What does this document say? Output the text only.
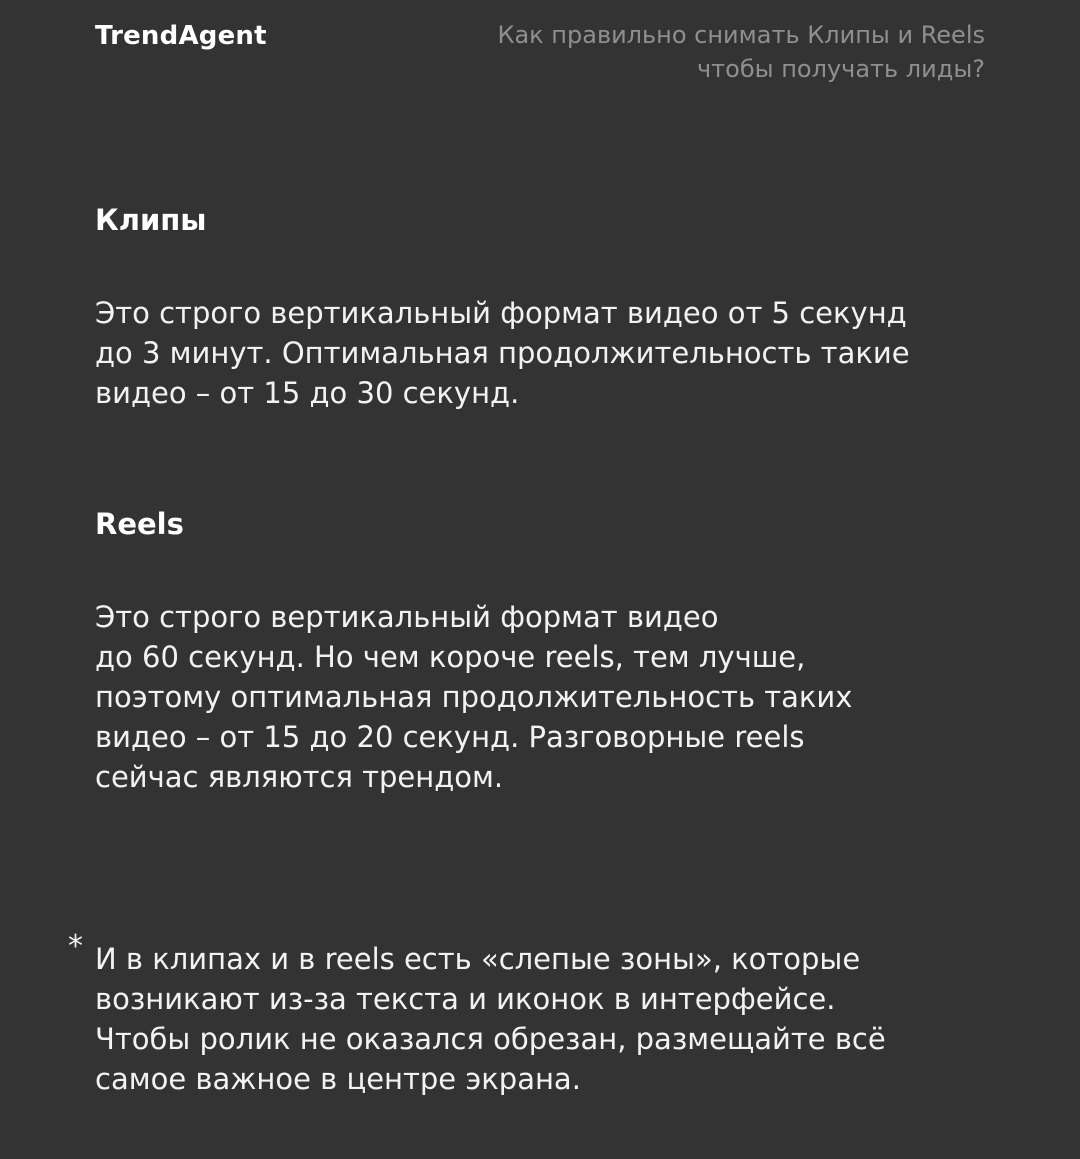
TrendAgent	Как правильно снимать Клипы и Reels
чтобы получать лиды?
Клипы
Это строго вертикальный формат видео от 5 секунд
до 3 минут. Оптимальная продолжительность такие
видео – от 15 до 30 секунд.
Reels
Это строго вертикальный формат видео
до 60 секунд. Но чем короче reels, тем лучше,
поэтому оптимальная продолжительность таких
видео – от 15 до 20 секунд. Разговорные reels
сейчас являются трендом.
* И в клипах и в reels есть «слепые зоны», которые
возникают из-за текста и иконок в интерфейсе.
Чтобы ролик не оказался обрезан, размещайте всё
самое важное в центре экрана.
